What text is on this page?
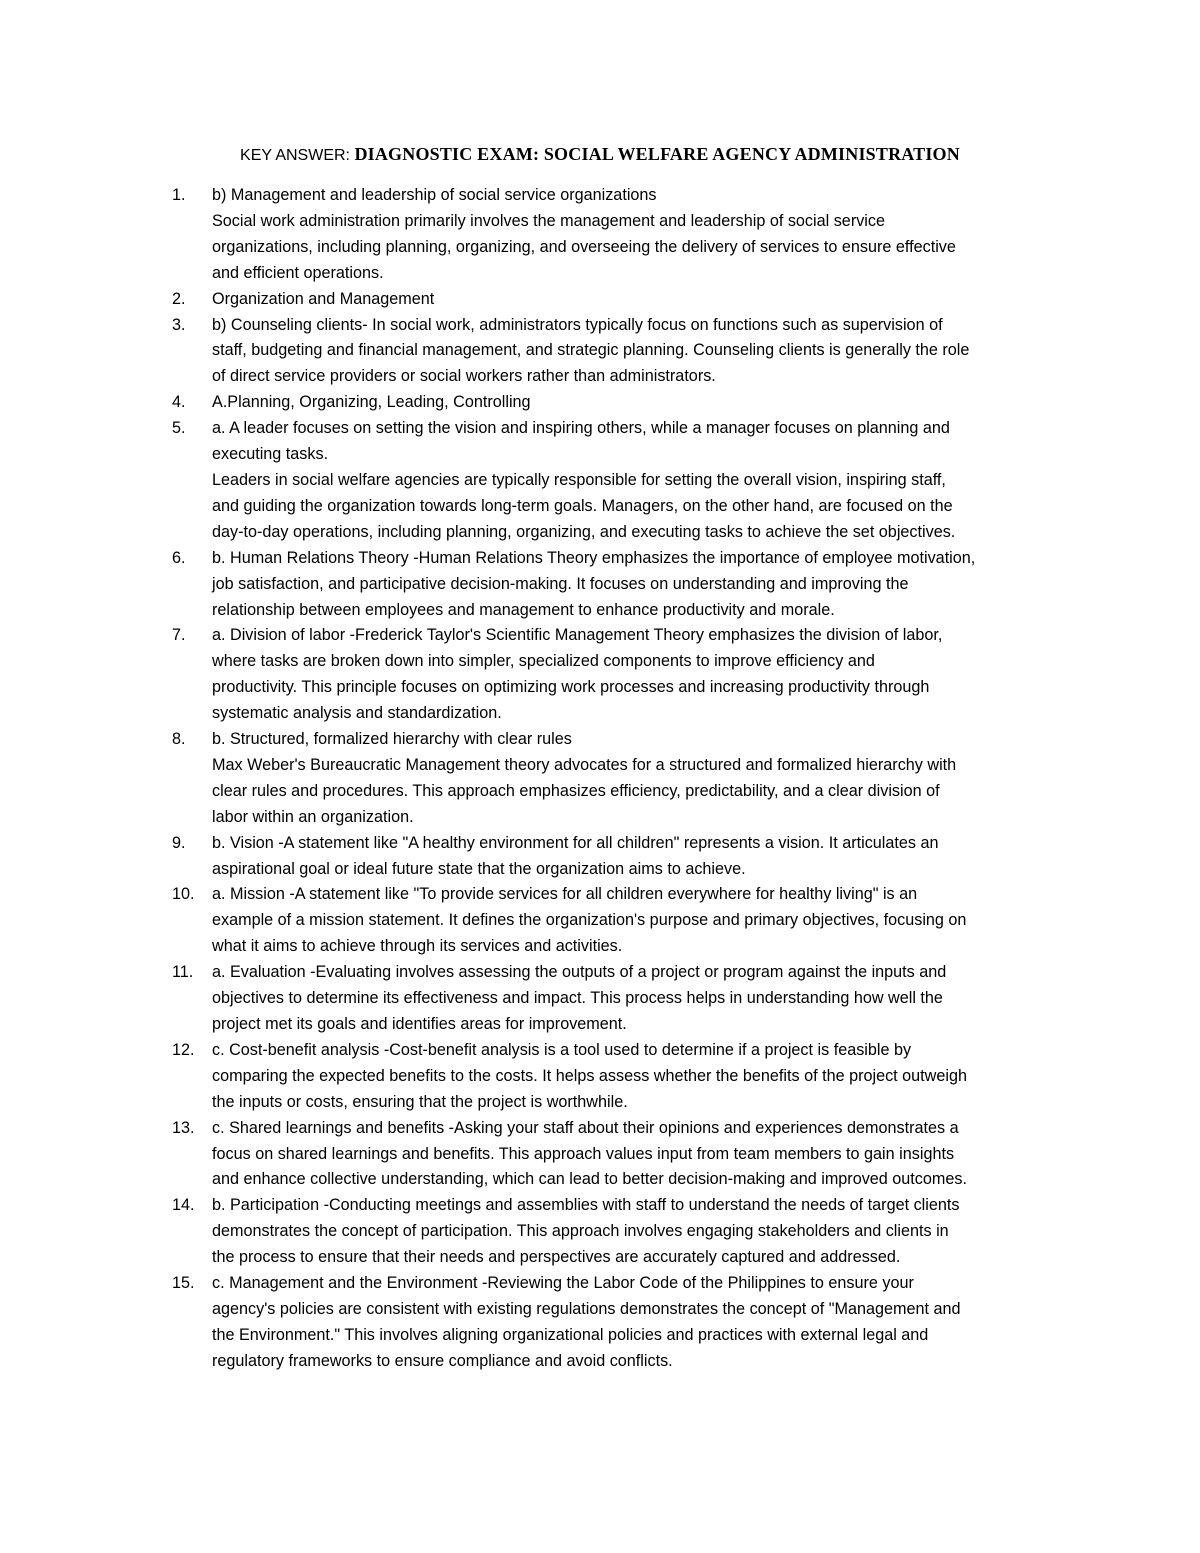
KEY ANSWER: DIAGNOSTIC EXAM: SOCIAL WELFARE AGENCY ADMINISTRATION
1.	b) Management and leadership of social service organizations
Social work administration primarily involves the management and leadership of social service
organizations, including planning, organizing, and overseeing the delivery of services to ensure effective
and efficient operations.
2.	Organization and Management
3.	b) Counseling clients- In social work, administrators typically focus on functions such as supervision of
staff, budgeting and financial management, and strategic planning. Counseling clients is generally the role
of direct service providers or social workers rather than administrators.
4.	A.Planning, Organizing, Leading, Controlling
5.	a. A leader focuses on setting the vision and inspiring others, while a manager focuses on planning and
executing tasks.
Leaders in social welfare agencies are typically responsible for setting the overall vision, inspiring staff,
and guiding the organization towards long-term goals. Managers, on the other hand, are focused on the
day-to-day operations, including planning, organizing, and executing tasks to achieve the set objectives.
6.	b. Human Relations Theory -Human Relations Theory emphasizes the importance of employee motivation,
job satisfaction, and participative decision-making. It focuses on understanding and improving the
relationship between employees and management to enhance productivity and morale.
7.	a. Division of labor -Frederick Taylor's Scientific Management Theory emphasizes the division of labor,
where tasks are broken down into simpler, specialized components to improve efficiency and
productivity. This principle focuses on optimizing work processes and increasing productivity through
systematic analysis and standardization.
8.	b. Structured, formalized hierarchy with clear rules
Max Weber's Bureaucratic Management theory advocates for a structured and formalized hierarchy with
clear rules and procedures. This approach emphasizes efficiency, predictability, and a clear division of
labor within an organization.
9.	b. Vision -A statement like "A healthy environment for all children" represents a vision. It articulates an
aspirational goal or ideal future state that the organization aims to achieve.
10.	a. Mission -A statement like "To provide services for all children everywhere for healthy living" is an
example of a mission statement. It defines the organization's purpose and primary objectives, focusing on
what it aims to achieve through its services and activities.
11.	a. Evaluation -Evaluating involves assessing the outputs of a project or program against the inputs and
objectives to determine its effectiveness and impact. This process helps in understanding how well the
project met its goals and identifies areas for improvement.
12.	c. Cost-benefit analysis -Cost-benefit analysis is a tool used to determine if a project is feasible by
comparing the expected benefits to the costs. It helps assess whether the benefits of the project outweigh
the inputs or costs, ensuring that the project is worthwhile.
13.	c. Shared learnings and benefits -Asking your staff about their opinions and experiences demonstrates a
focus on shared learnings and benefits. This approach values input from team members to gain insights
and enhance collective understanding, which can lead to better decision-making and improved outcomes.
14.	b. Participation -Conducting meetings and assemblies with staff to understand the needs of target clients
demonstrates the concept of participation. This approach involves engaging stakeholders and clients in
the process to ensure that their needs and perspectives are accurately captured and addressed.
15.	c. Management and the Environment -Reviewing the Labor Code of the Philippines to ensure your
agency's policies are consistent with existing regulations demonstrates the concept of "Management and
the Environment." This involves aligning organizational policies and practices with external legal and
regulatory frameworks to ensure compliance and avoid conflicts.
